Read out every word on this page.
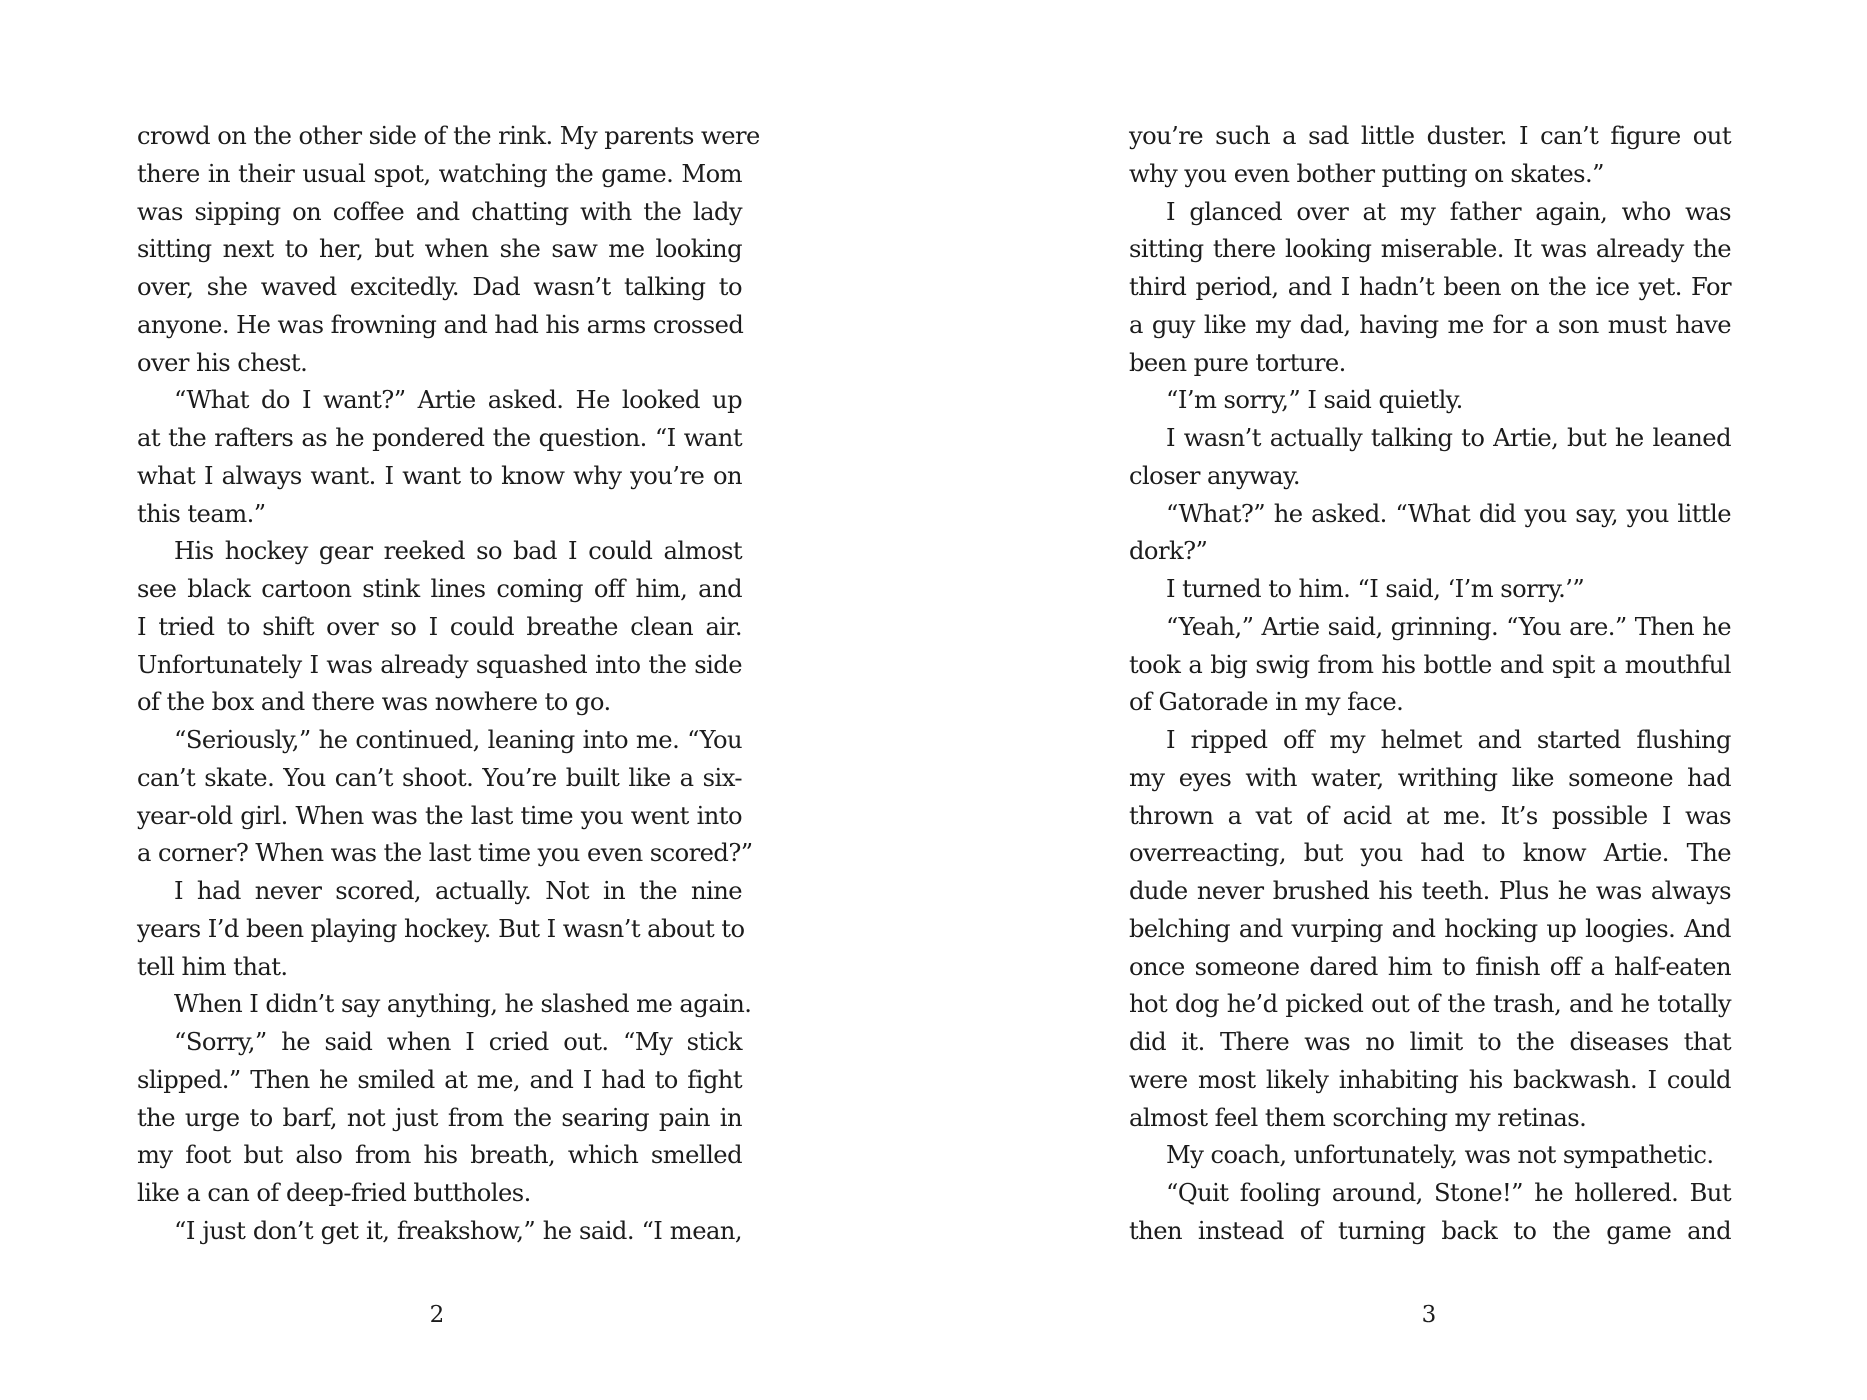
crowd on the other side of the rink. My parents were
there in their usual spot, watching the game. Mom
was sipping on coffee and chatting with the lady
sitting next to her, but when she saw me looking
over, she waved excitedly. Dad wasn’t talking to
anyone. He was frowning and had his arms crossed
over his chest.
“What do I want?” Artie asked. He looked up
at the rafters as he pondered the question. “I want
what I always want. I want to know why you’re on
this team.”
His hockey gear reeked so bad I could almost
see black cartoon stink lines coming off him, and
I tried to shift over so I could breathe clean air.
Unfortunately I was already squashed into the side
of the box and there was nowhere to go.
“Seriously,” he continued, leaning into me. “You
can’t skate. You can’t shoot. You’re built like a six-
year-old girl. When was the last time you went into
a corner? When was the last time you even scored?”
I had never scored, actually. Not in the nine
years I’d been playing hockey. But I wasn’t about to
tell him that.
When I didn’t say anything, he slashed me again.
“Sorry,” he said when I cried out. “My stick
slipped.” Then he smiled at me, and I had to fight
the urge to barf, not just from the searing pain in
my foot but also from his breath, which smelled
like a can of deep-fried buttholes.
“I just don’t get it, freakshow,” he said. “I mean,
2
you’re such a sad little duster. I can’t figure out
why you even bother putting on skates.”
I glanced over at my father again, who was
sitting there looking miserable. It was already the
third period, and I hadn’t been on the ice yet. For
a guy like my dad, having me for a son must have
been pure torture.
“I’m sorry,” I said quietly.
I wasn’t actually talking to Artie, but he leaned
closer anyway.
“What?” he asked. “What did you say, you little
dork?”
I turned to him. “I said, ‘I’m sorry.’”
“Yeah,” Artie said, grinning. “You are.” Then he
took a big swig from his bottle and spit a mouthful
of Gatorade in my face.
I ripped off my helmet and started flushing
my eyes with water, writhing like someone had
thrown a vat of acid at me. It’s possible I was
overreacting, but you had to know Artie. The
dude never brushed his teeth. Plus he was always
belching and vurping and hocking up loogies. And
once someone dared him to finish off a half-eaten
hot dog he’d picked out of the trash, and he totally
did it. There was no limit to the diseases that
were most likely inhabiting his backwash. I could
almost feel them scorching my retinas.
My coach, unfortunately, was not sympathetic.
“Quit fooling around, Stone!” he hollered. But
then instead of turning back to the game and
3
